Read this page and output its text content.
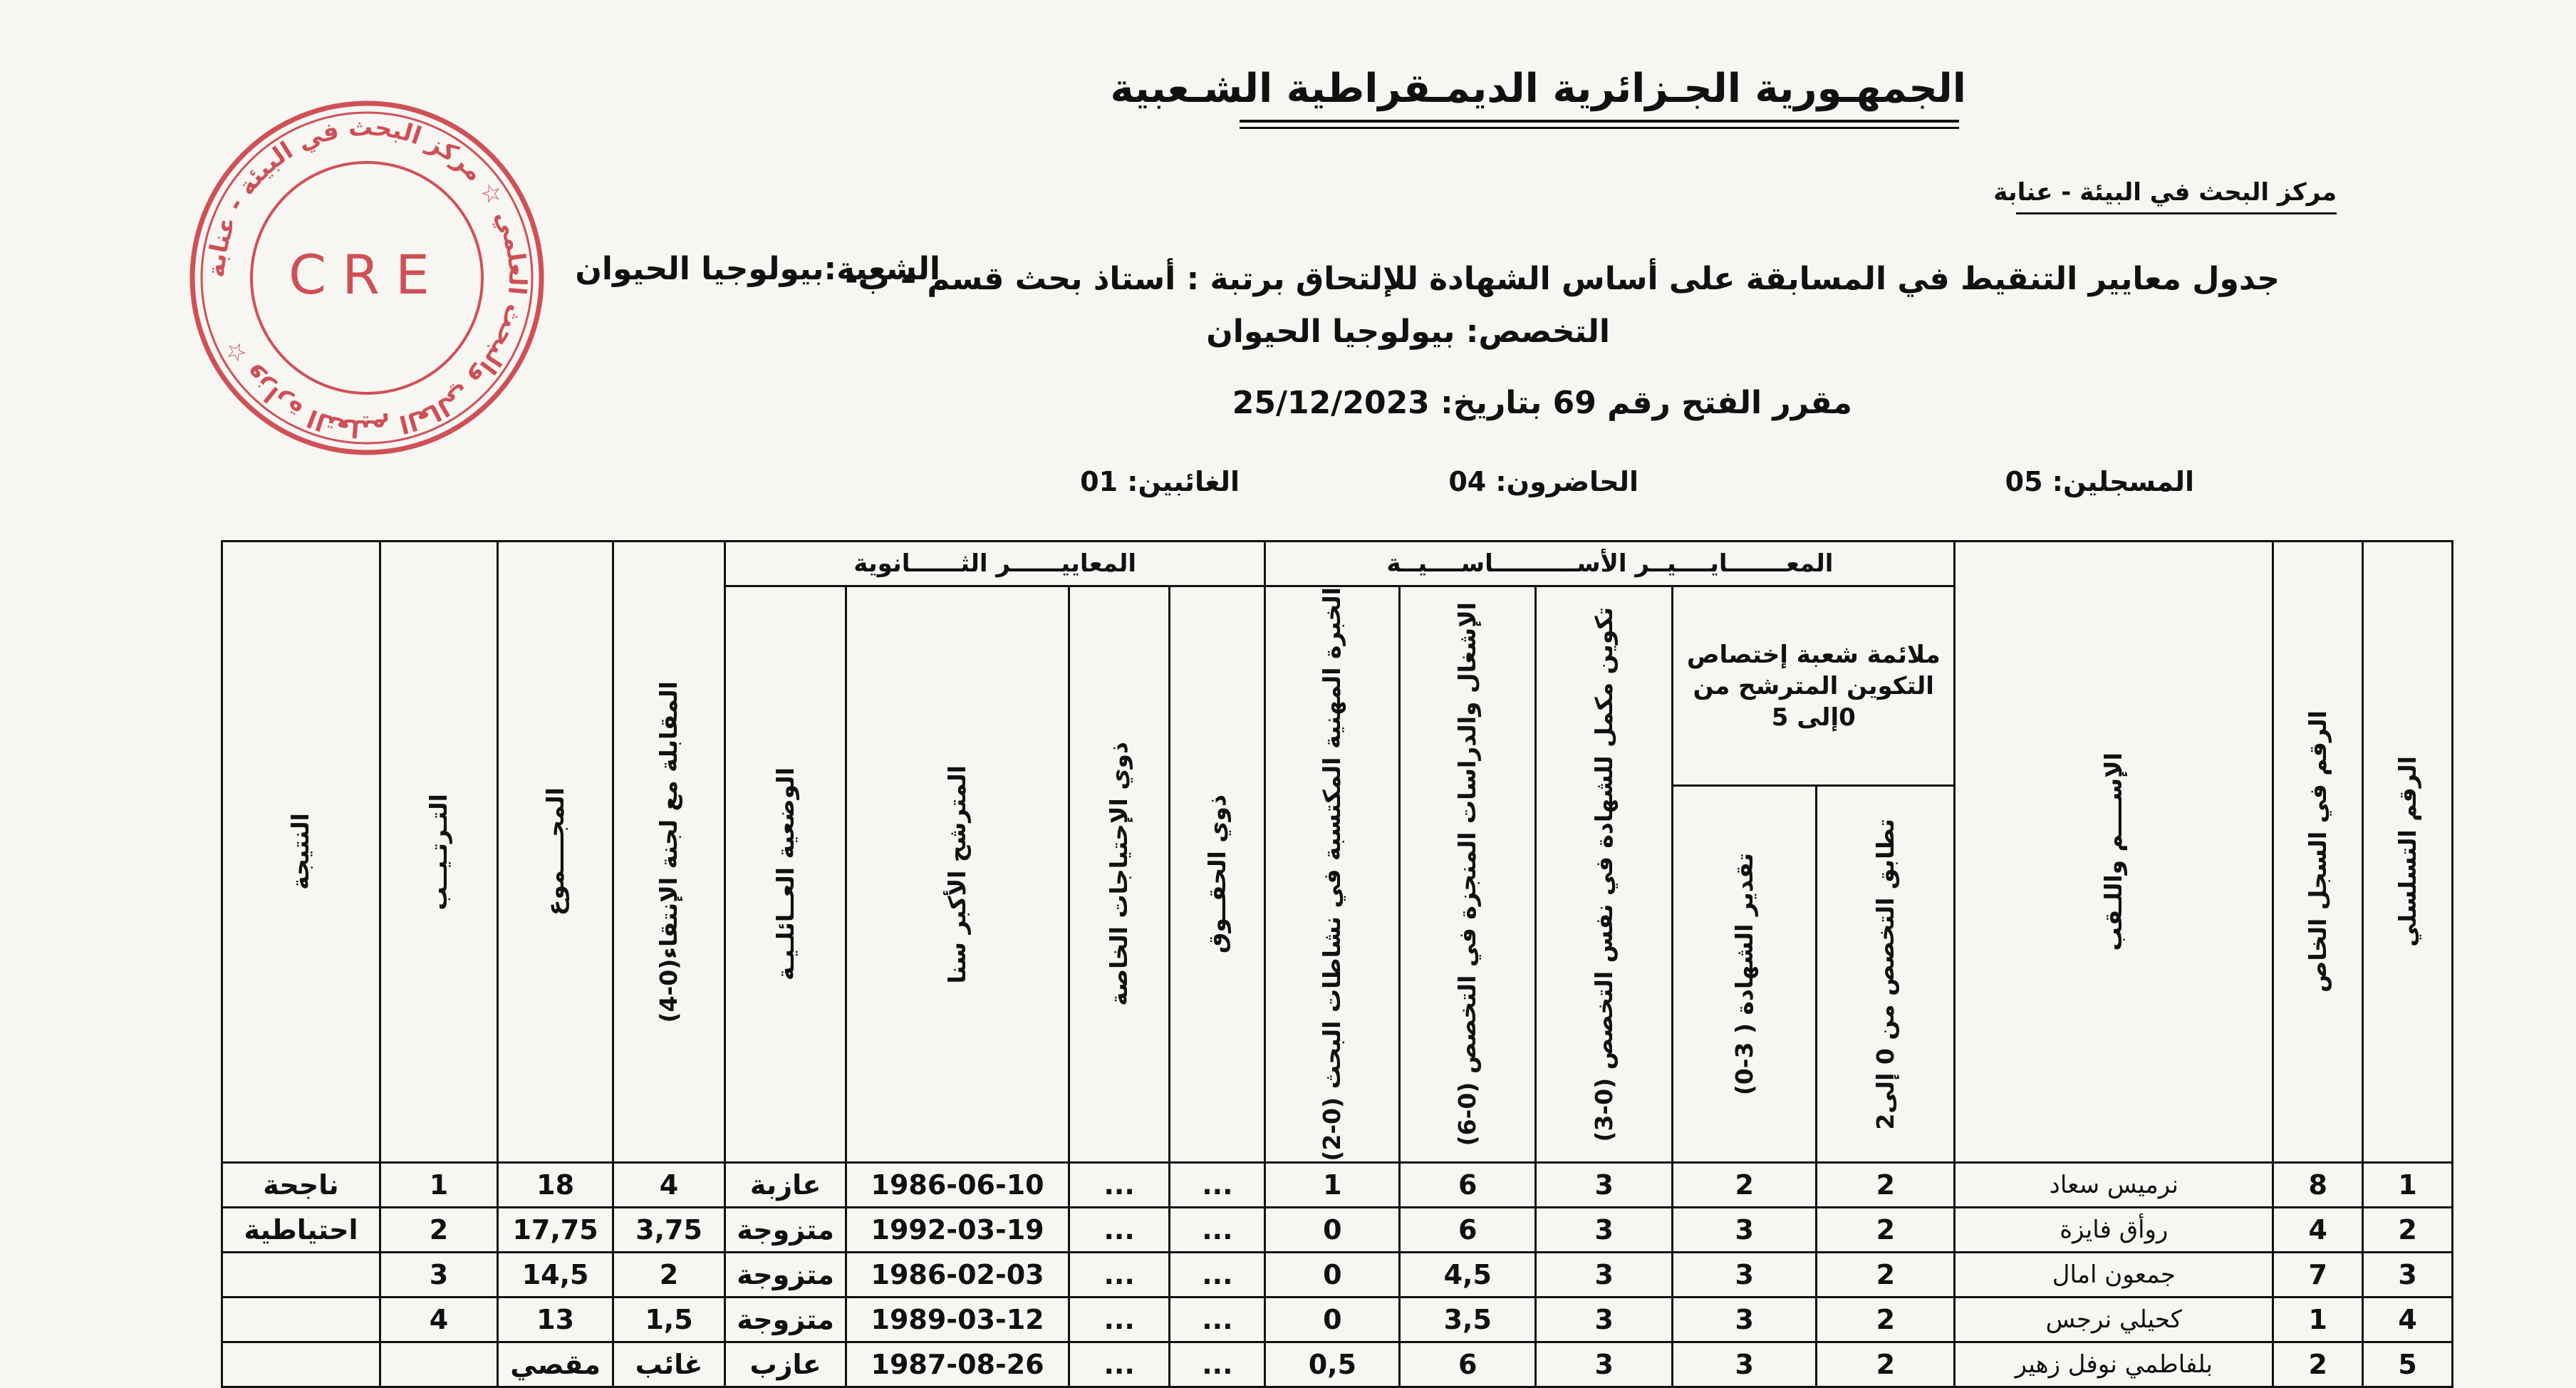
الجمهـورية الجـزائرية الديمـقراطية الشـعبية
مركز البحث في البيئة - عنابة
جدول معايير التنقيط في المسابقة على أساس الشهادة للإلتحاق برتبة : أستاذ بحث قسم – ب-
الشعبة:بيولوجيا الحيوان
التخصص: بيولوجيا الحيوان
مقرر الفتح رقم 69 بتاريخ: 25/12/2023
المسجلين: 05
الحاضرون: 04
الغائبين: 01
وزارة التعليم العالي والبحث العلمي ☆ مركز البحث في البيئة - عنابة ☆
CRE
الرقم التسلسلي	الرقم في السجل الخاص	الإســــم واللـقب	المعـــــــايــــيــر الأســــــــــاســــيــة					المعاييــــــر الثــــــانوية				المقابلة مع لجنة الإنتقاء(0-4)	المجــــموع	التـرتـيــب	النتيجة

			ملائمة شعبة إختصاص التكوين المترشح من 0إلى 5		تكوين مكمل للشهادة في نفس التخصص (0-3)	الإشغال والدراسات المنجزة في التخصص (0-6)	الخبرة المهنية المكتسبة في نشاطات البحث (0-2)	ذوي الحقــوق	ذوي الإحتياجات الخاصة	المترشح الأكبر سنا	الوضعية العــائلـيـة				

			تطابق التخصص من 0 إلى2	تقدير الشهادة ( 3-0)											

1	8	نرميس سعاد	2	2	3	6	1	...	...	1986-06-10	عازبة	4	18	1	ناجحة
2	4	روأق فايزة	2	3	3	6	0	...	...	1992-03-19	متزوجة	3,75	17,75	2	احتياطية
3	7	جمعون امال	2	3	3	4,5	0	...	...	1986-02-03	متزوجة	2	14,5	3	
4	1	كحيلي نرجس	2	3	3	3,5	0	...	...	1989-03-12	متزوجة	1,5	13	4	
5	2	بلفاطمي نوفل زهير	2	3	3	6	0,5	...	...	1987-08-26	عازب	غائب	مقصي		
